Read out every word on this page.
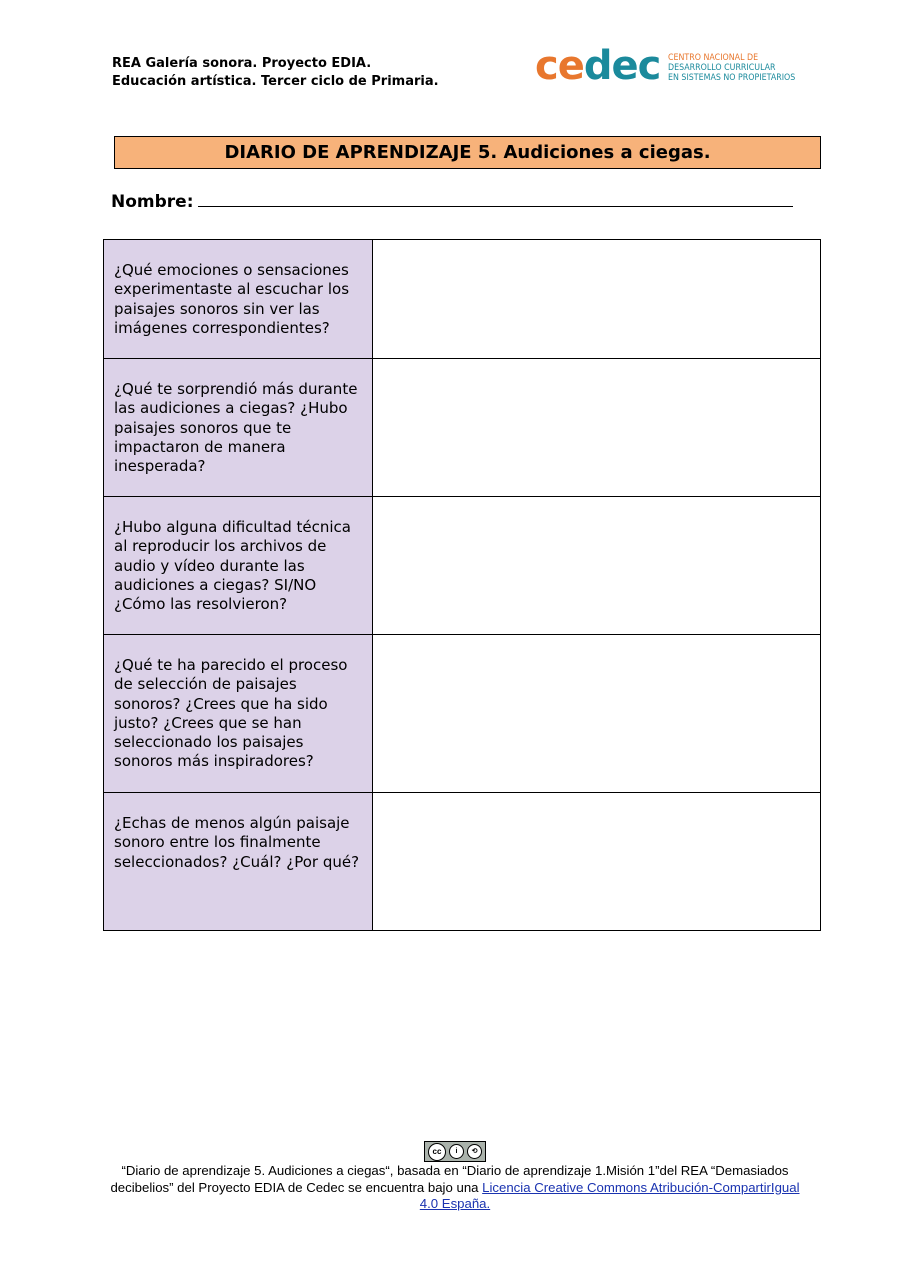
REA Galería sonora. Proyecto EDIA.
Educación artística. Tercer ciclo de Primaria. cedec CENTRO NACIONAL DE
DESARROLLO CURRICULAR
EN SISTEMAS NO PROPIETARIOS
DIARIO DE APRENDIZAJE 5. Audiciones a ciegas.
Nombre:
¿Qué emociones o sensaciones experimentaste al escuchar los paisajes sonoros sin ver las imágenes correspondientes?	
¿Qué te sorprendió más durante las audiciones a ciegas? ¿Hubo paisajes sonoros que te impactaron de manera inesperada?	
¿Hubo alguna dificultad técnica al reproducir los archivos de audio y vídeo durante las audiciones a ciegas? SI/NO ¿Cómo las resolvieron?	
¿Qué te ha parecido el proceso de selección de paisajes sonoros? ¿Crees que ha sido justo? ¿Crees que se han seleccionado los paisajes sonoros más inspiradores?	
¿Echas de menos algún paisaje sonoro entre los finalmente seleccionados? ¿Cuál? ¿Por qué?	
cc	i	⟲
“Diario de aprendizaje 5. Audiciones a ciegas“, basada en “Diario de aprendizaje 1.Misión 1”del REA “Demasiados decibelios” del Proyecto EDIA de Cedec se encuentra bajo una Licencia Creative Commons Atribución-CompartirIgual 4.0 España.
